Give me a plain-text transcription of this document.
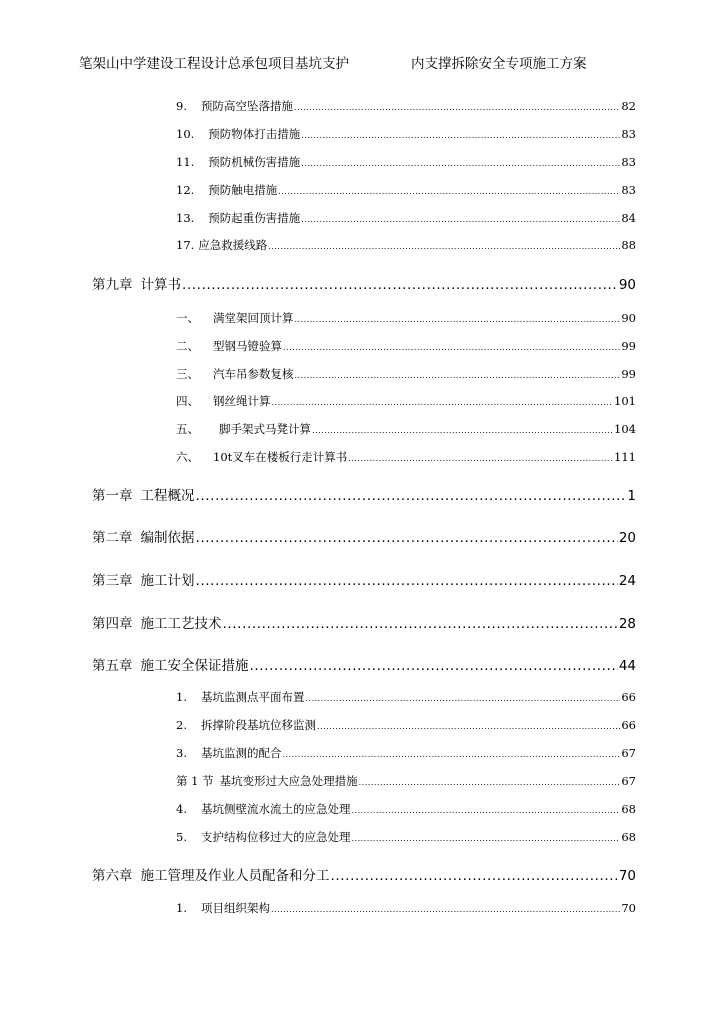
笔架山中学建设工程设计总承包项目基坑支护	内支撑拆除安全专项施工方案
9. 预防高空坠落措施 .....	82
10. 预防物体打击措施 .....	83
11. 预防机械伤害措施 .....	83
12. 预防触电措施 .....	83
13. 预防起重伤害措施 .....	84
17. 应急救援线路 .....	88
第九章 计算书 .....	90
一、 满堂架回顶计算 .....	90
二、 型钢马镫验算 .....	99
三、 汽车吊参数复核 .....	99
四、 钢丝绳计算 .....	101
五、 脚手架式马凳计算 .....	104
六、 10t叉车在楼板行走计算书 .....	111
第一章 工程概况 .....	1
第二章 编制依据 .....	20
第三章 施工计划 .....	24
第四章 施工工艺技术 .....	28
第五章 施工安全保证措施 .....	44
1. 基坑监测点平面布置 .....	66
2. 拆撑阶段基坑位移监测 .....	66
3. 基坑监测的配合 .....	67
第 1 节 基坑变形过大应急处理措施 .....	67
4. 基坑侧壁流水流土的应急处理 .....	68
5. 支护结构位移过大的应急处理 .....	68
第六章 施工管理及作业人员配备和分工 .....	70
1. 项目组织架构 .....	70
